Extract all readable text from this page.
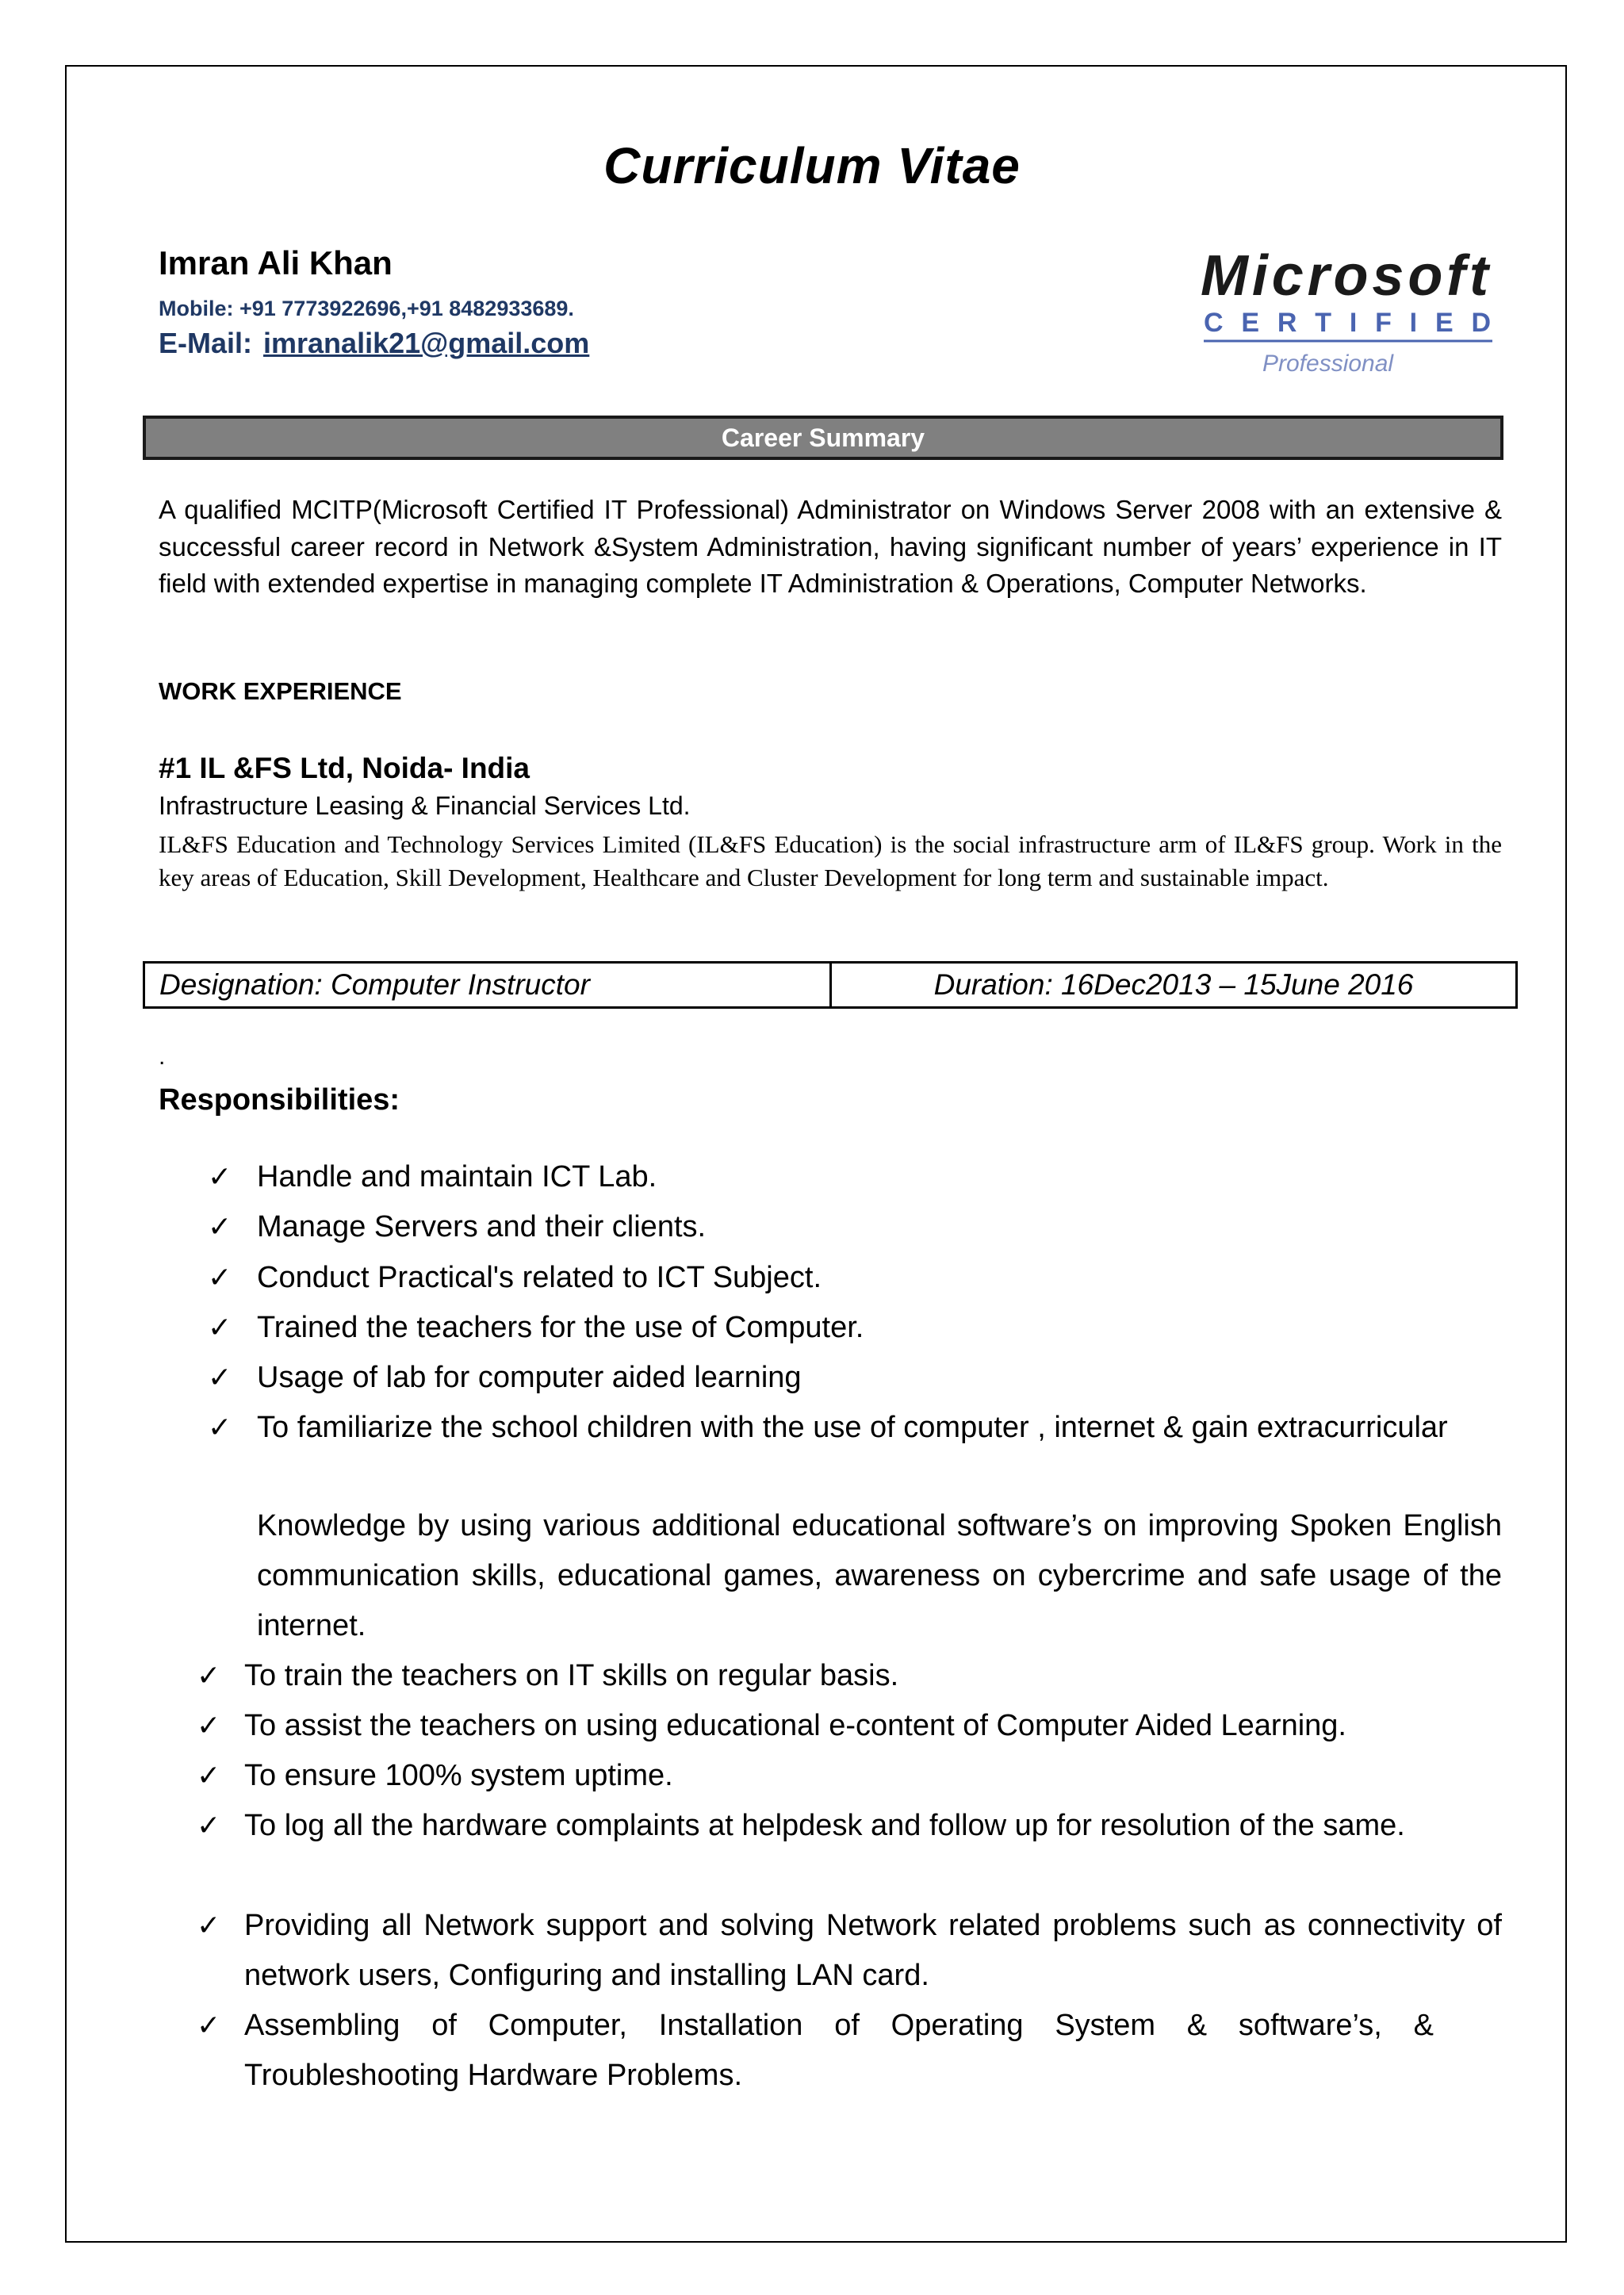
Curriculum Vitae
Imran Ali Khan
Mobile: +91 7773922696,+91 8482933689.
E-Mail: imranalik21@gmail.com
Microsoft
CERTIFIED
Professional
Career Summary
A qualified MCITP(Microsoft Certified IT Professional) Administrator on Windows Server 2008 with an extensive & successful career record in Network &System Administration, having significant number of years’ experience in IT field with extended expertise in managing complete IT Administration & Operations, Computer Networks.
WORK EXPERIENCE
#1 IL &FS Ltd, Noida- India
Infrastructure Leasing & Financial Services Ltd.
IL&FS Education and Technology Services Limited (IL&FS Education) is the social infrastructure arm of IL&FS group. Work in the key areas of Education, Skill Development, Healthcare and Cluster Development for long term and sustainable impact.
Designation: Computer Instructor	Duration: 16Dec2013 – 15June 2016
.
Responsibilities:
✓ Handle and maintain ICT Lab.
✓ Manage Servers and their clients.
✓ Conduct Practical's related to ICT Subject.
✓ Trained the teachers for the use of Computer.
✓ Usage of lab for computer aided learning
✓ To familiarize the school children with the use of computer , internet & gain extracurricular
Knowledge by using various additional educational software’s on improving Spoken English communication skills, educational games, awareness on cybercrime and safe usage of the internet.
✓ To train the teachers on IT skills on regular basis.
✓ To assist the teachers on using educational e-content of Computer Aided Learning.
✓ To ensure 100% system uptime.
✓ To log all the hardware complaints at helpdesk and follow up for resolution of the same.
✓ Providing all Network support and solving Network related problems such as connectivity of network users, Configuring and installing LAN card.
✓ Assembling of Computer, Installation of Operating System & software’s, & Troubleshooting Hardware Problems.
